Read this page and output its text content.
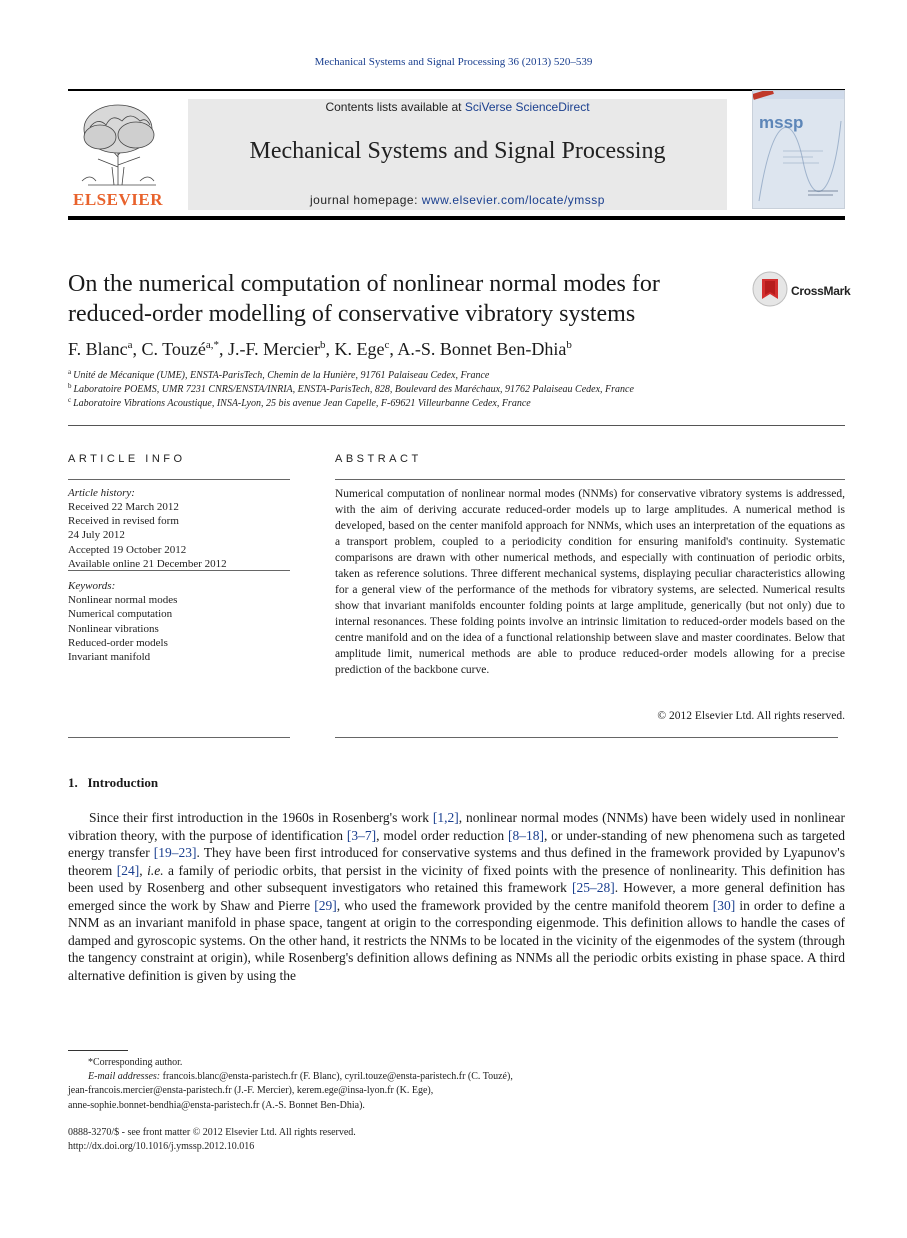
Mechanical Systems and Signal Processing 36 (2013) 520–539
ELSEVIER
Contents lists available at SciVerse ScienceDirect
Mechanical Systems and Signal Processing
journal homepage: www.elsevier.com/locate/ymssp
mssp
On the numerical computation of nonlinear normal modes for reduced-order modelling of conservative vibratory systems
CrossMark
F. Blanc$^a$, C. Touzé$^{a,*}$, J.-F. Mercier$^b$, K. Ege$^c$, A.-S. Bonnet Ben-Dhia$^b$
$^a$ Unité de Mécanique (UME), ENSTA-ParisTech, Chemin de la Hunière, 91761 Palaiseau Cedex, France
$^b$ Laboratoire POEMS, UMR 7231 CNRS/ENSTA/INRIA, ENSTA-ParisTech, 828, Boulevard des Maréchaux, 91762 Palaiseau Cedex, France
$^c$ Laboratoire Vibrations Acoustique, INSA-Lyon, 25 bis avenue Jean Capelle, F-69621 Villeurbanne Cedex, France
ARTICLE INFO	ABSTRACT
Article history:
Received 22 March 2012
Received in revised form
24 July 2012
Accepted 19 October 2012
Available online 21 December 2012
Keywords:
Nonlinear normal modes
Numerical computation
Nonlinear vibrations
Reduced-order models
Invariant manifold
Numerical computation of nonlinear normal modes (NNMs) for conservative vibratory systems is addressed, with the aim of deriving accurate reduced-order models up to large amplitudes. A numerical method is developed, based on the center manifold approach for NNMs, which uses an interpretation of the equations as a transport problem, coupled to a periodicity condition for ensuring manifold's continuity. Systematic comparisons are drawn with other numerical methods, and especially with continuation of periodic orbits, taken as reference solutions. Three different mechanical systems, displaying peculiar characteristics allowing for a general view of the performance of the methods for vibratory systems, are selected. Numerical results show that invariant manifolds encounter folding points at large amplitude, generically (but not only) due to internal resonances. These folding points involve an intrinsic limitation to reduced-order models based on the centre manifold and on the idea of a functional relationship between slave and master coordinates. Below that amplitude limit, numerical methods are able to produce reduced-order models allowing for a precise prediction of the backbone curve.
© 2012 Elsevier Ltd. All rights reserved.
1.   Introduction
Since their first introduction in the 1960s in Rosenberg's work [1,2], nonlinear normal modes (NNMs) have been widely used in nonlinear vibration theory, with the purpose of identification [3–7], model order reduction [8–18], or under-standing of new phenomena such as targeted energy transfer [19–23]. They have been first introduced for conservative systems and thus defined in the framework provided by Lyapunov's theorem [24], i.e. a family of periodic orbits, that persist in the vicinity of fixed points with the presence of nonlinearity. This definition has been used by Rosenberg and other subsequent investigators who retained this framework [25–28]. However, a more general definition has emerged since the work by Shaw and Pierre [29], who used the framework provided by the centre manifold theorem [30] in order to define a NNM as an invariant manifold in phase space, tangent at origin to the corresponding eigenmode. This definition allows to handle the cases of damped and gyroscopic systems. On the other hand, it restricts the NNMs to be located in the vicinity of the eigenmodes of the system (through the tangency constraint at origin), while Rosenberg's definition allows defining as NNMs all the periodic orbits existing in phase space. A third alternative definition is given by using the
*Corresponding author.
E-mail addresses: francois.blanc@ensta-paristech.fr (F. Blanc), cyril.touze@ensta-paristech.fr (C. Touzé),
jean-francois.mercier@ensta-paristech.fr (J.-F. Mercier), kerem.ege@insa-lyon.fr (K. Ege),
anne-sophie.bonnet-bendhia@ensta-paristech.fr (A.-S. Bonnet Ben-Dhia).
0888-3270/$ - see front matter © 2012 Elsevier Ltd. All rights reserved.
http://dx.doi.org/10.1016/j.ymssp.2012.10.016
